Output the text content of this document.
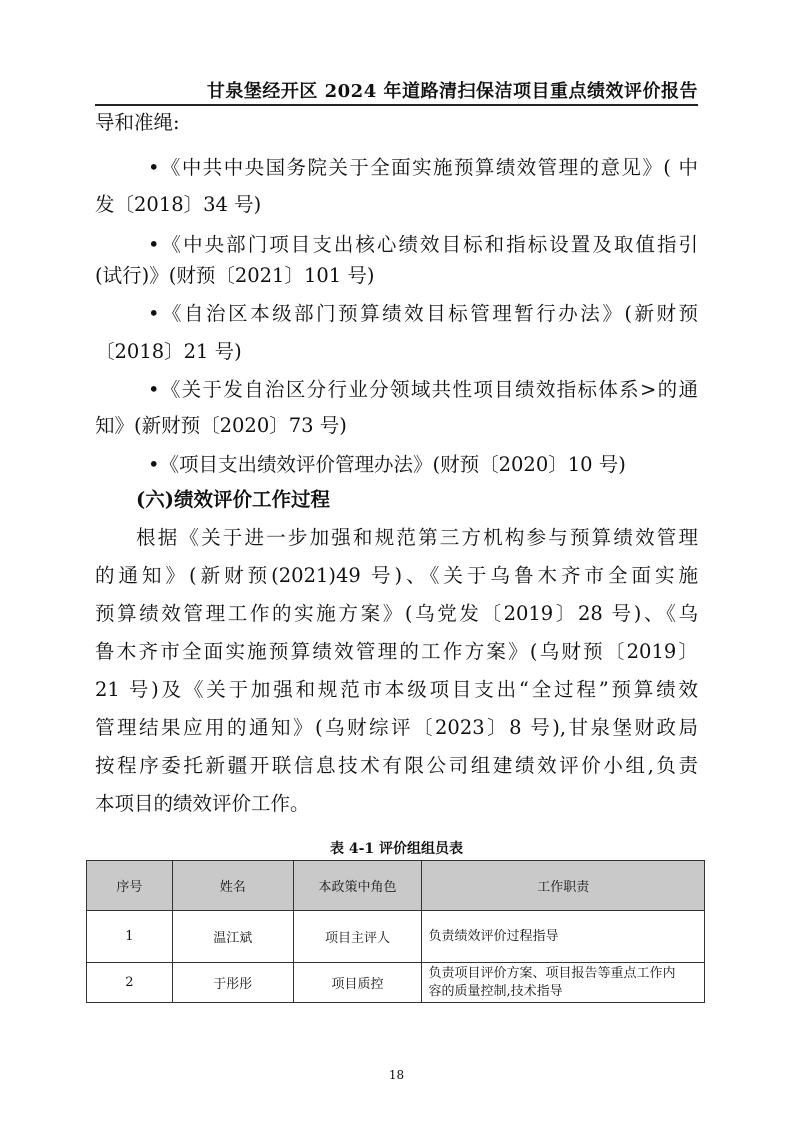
甘泉堡经开区 2024 年道路清扫保洁项目重点绩效评价报告
导和准绳:
•《中共中央国务院关于全面实施预算绩效管理的意见》( 中
发〔2018〕34 号)
•《中央部门项目支出核心绩效目标和指标设置及取值指引
(试行)》(财预〔2021〕101 号)
•《自治区本级部门预算绩效目标管理暂行办法》(新财预
〔2018〕21 号)
•《关于发自治区分行业分领域共性项目绩效指标体系>的通
知》(新财预〔2020〕73 号)
•《项目支出绩效评价管理办法》(财预〔2020〕10 号)
(六)绩效评价工作过程
根据《关于进一步加强和规范第三方机构参与预算绩效管理
的通知》(新财预(2021)49 号)、《关于乌鲁木齐市全面实施
预算绩效管理工作的实施方案》(乌党发〔2019〕28 号)、《乌
鲁木齐市全面实施预算绩效管理的工作方案》(乌财预〔2019〕
21 号)及《关于加强和规范市本级项目支出“全过程”预算绩效
管理结果应用的通知》(乌财综评〔2023〕8 号),甘泉堡财政局
按程序委托新疆开联信息技术有限公司组建绩效评价小组,负责
本项目的绩效评价工作。
表 4-1 评价组组员表
序号	姓名	本政策中角色	工作职责
1	温江斌	项目主评人	负责绩效评价过程指导
2	于彤彤	项目质控	负责项目评价方案、项目报告等重点工作内
容的质量控制,技术指导
18
